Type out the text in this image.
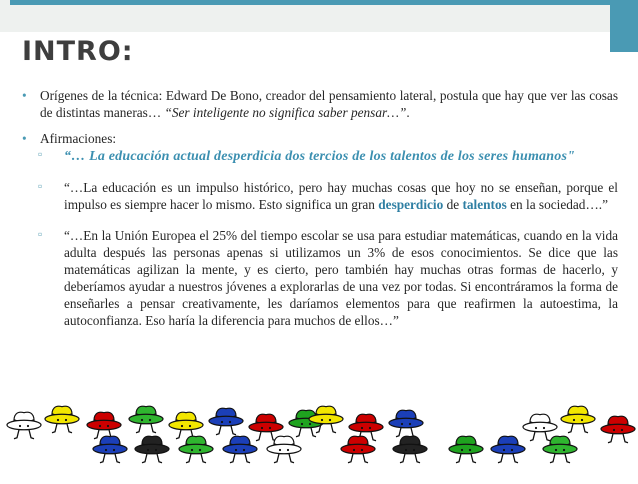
INTRO:
• Orígenes de la técnica: Edward De Bono, creador del pensamiento lateral, postula que hay que ver las cosas de distintas maneras… “Ser inteligente no significa saber pensar…”.
• Afirmaciones:
▫ “… La educación actual desperdicia dos tercios de los talentos de los seres humanos"
▫ “…La educación es un impulso histórico, pero hay muchas cosas que hoy no se enseñan, porque el impulso es siempre hacer lo mismo. Esto significa un gran desperdicio de talentos en la sociedad….”
▫ “…En la Unión Europea el 25% del tiempo escolar se usa para estudiar matemáticas, cuando en la vida adulta después las personas apenas si utilizamos un 3% de esos conocimientos. Se dice que las matemáticas agilizan la mente, y es cierto, pero también hay muchas otras formas de hacerlo, y deberíamos ayudar a nuestros jóvenes a explorarlas de una vez por todas. Si encontráramos la forma de enseñarles a pensar creativamente, les daríamos elementos para que reafirmen la autoestima, la autoconfianza. Eso haría la diferencia para muchos de ellos…”
